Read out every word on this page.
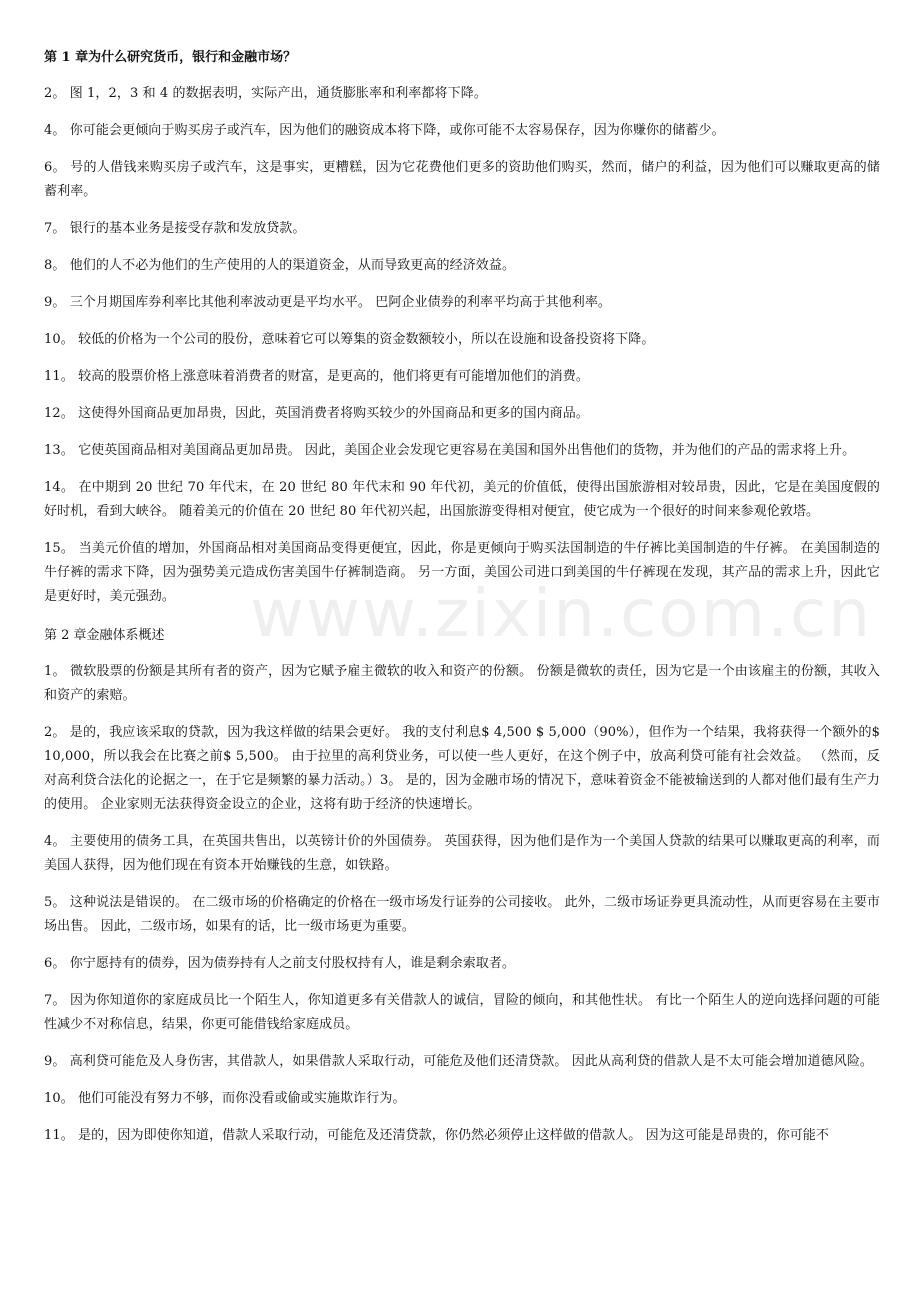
www.zixin.com.cn
第 1 章为什么研究货币，银行和金融市场？

2。 图 1，2，3 和 4 的数据表明，实际产出，通货膨胀率和利率都将下降。

4。 你可能会更倾向于购买房子或汽车，因为他们的融资成本将下降，或你可能不太容易保存，因为你赚你的储蓄少。

6。 号的人借钱来购买房子或汽车，这是事实，更糟糕，因为它花费他们更多的资助他们购买，然而，储户的利益，因为他们可以赚取更高的储蓄利率。

7。 银行的基本业务是接受存款和发放贷款。

8。 他们的人不必为他们的生产使用的人的渠道资金，从而导致更高的经济效益。

9。 三个月期国库券利率比其他利率波动更是平均水平。 巴阿企业债券的利率平均高于其他利率。

10。 较低的价格为一个公司的股份，意味着它可以筹集的资金数额较小，所以在设施和设备投资将下降。

11。 较高的股票价格上涨意味着消费者的财富，是更高的，他们将更有可能增加他们的消费。

12。 这使得外国商品更加昂贵，因此，英国消费者将购买较少的外国商品和更多的国内商品。

13。 它使英国商品相对美国商品更加昂贵。 因此，美国企业会发现它更容易在美国和国外出售他们的货物，并为他们的产品的需求将上升。

14。 在中期到 20 世纪 70 年代末，在 20 世纪 80 年代末和 90 年代初，美元的价值低，使得出国旅游相对较昂贵，因此，它是在美国度假的好时机，看到大峡谷。 随着美元的价值在 20 世纪 80 年代初兴起，出国旅游变得相对便宜，使它成为一个很好的时间来参观伦敦塔。

15。 当美元价值的增加，外国商品相对美国商品变得更便宜，因此，你是更倾向于购买法国制造的牛仔裤比美国制造的牛仔裤。 在美国制造的牛仔裤的需求下降，因为强势美元造成伤害美国牛仔裤制造商。 另一方面，美国公司进口到美国的牛仔裤现在发现，其产品的需求上升，因此它是更好时，美元强劲。

第 2 章金融体系概述

1。 微软股票的份额是其所有者的资产，因为它赋予雇主微软的收入和资产的份额。 份额是微软的责任，因为它是一个由该雇主的份额，其收入和资产的索赔。

2。 是的，我应该采取的贷款，因为我这样做的结果会更好。 我的支付利息$ 4,500 $ 5,000（90%），但作为一个结果，我将获得一个额外的$ 10,000，所以我会在比赛之前$ 5,500。 由于拉里的高利贷业务，可以使一些人更好，在这个例子中，放高利贷可能有社会效益。 （然而，反对高利贷合法化的论据之一，在于它是频繁的暴力活动。）3。 是的，因为金融市场的情况下，意味着资金不能被输送到的人都对他们最有生产力的使用。 企业家则无法获得资金设立的企业，这将有助于经济的快速增长。

4。 主要使用的债务工具，在英国共售出，以英镑计价的外国债券。 英国获得，因为他们是作为一个美国人贷款的结果可以赚取更高的利率，而美国人获得，因为他们现在有资本开始赚钱的生意，如铁路。

5。 这种说法是错误的。 在二级市场的价格确定的价格在一级市场发行证券的公司接收。 此外，二级市场证券更具流动性，从而更容易在主要市场出售。 因此，二级市场，如果有的话，比一级市场更为重要。

6。 你宁愿持有的债券，因为债券持有人之前支付股权持有人，谁是剩余索取者。

7。 因为你知道你的家庭成员比一个陌生人，你知道更多有关借款人的诚信，冒险的倾向，和其他性状。 有比一个陌生人的逆向选择问题的可能性减少不对称信息，结果，你更可能借钱给家庭成员。

9。 高利贷可能危及人身伤害，其借款人，如果借款人采取行动，可能危及他们还清贷款。 因此从高利贷的借款人是不太可能会增加道德风险。

10。 他们可能没有努力不够，而你没看或偷或实施欺诈行为。

11。 是的，因为即使你知道，借款人采取行动，可能危及还清贷款，你仍然必须停止这样做的借款人。 因为这可能是昂贵的，你可能不
